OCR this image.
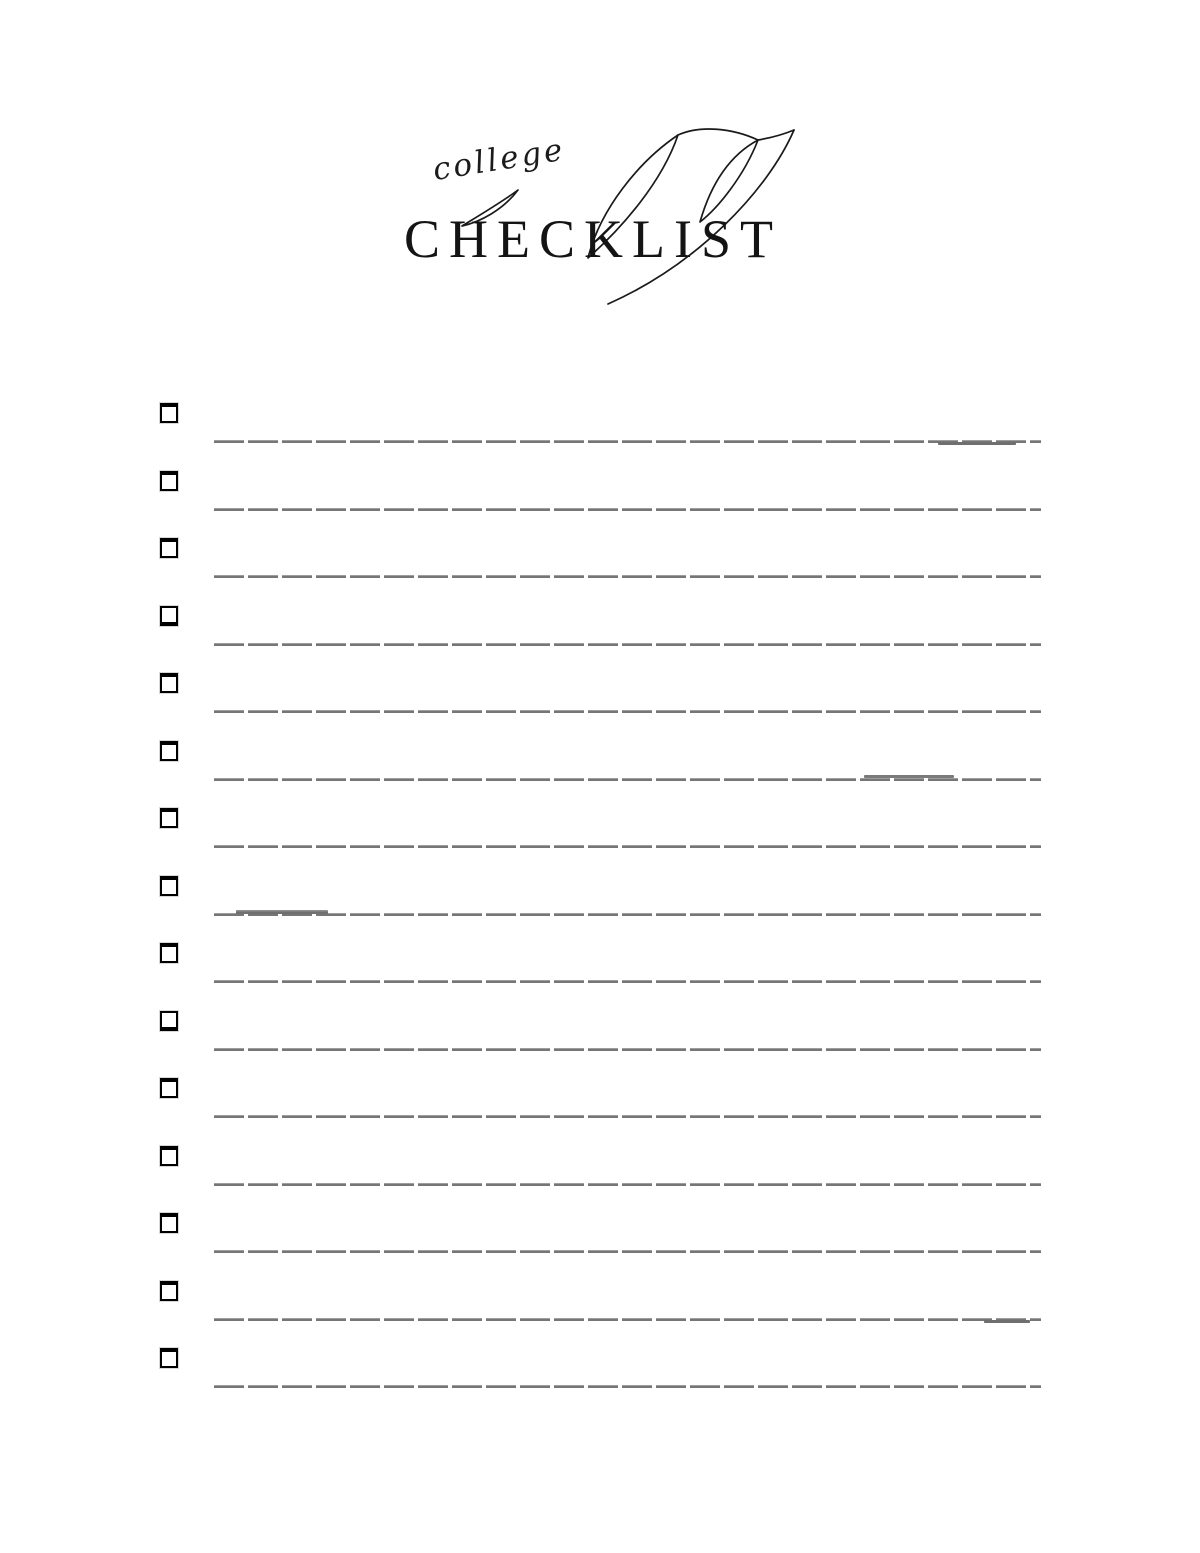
college
CHECKLIST
